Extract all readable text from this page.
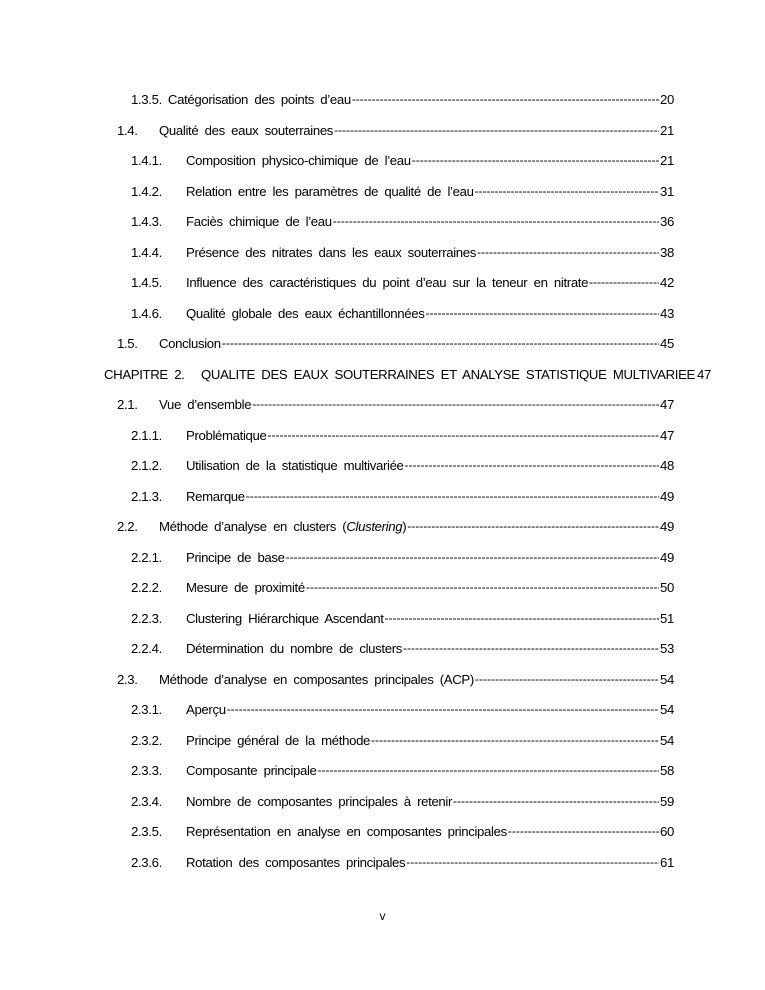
1.3.5. Catégorisation des points d’eau -----	20
1.4.	Qualité des eaux souterraines -----	21
1.4.1.	Composition physico-chimique de l’eau -----	21
1.4.2.	Relation entre les paramètres de qualité de l’eau -----	31
1.4.3.	Faciès chimique de l’eau -----	36
1.4.4.	Présence des nitrates dans les eaux souterraines -----	38
1.4.5.	Influence des caractéristiques du point d’eau sur la teneur en nitrate -----	42
1.4.6.	Qualité globale des eaux échantillonnées -----	43
1.5.	Conclusion -----	45
CHAPITRE 2.	QUALITE DES EAUX SOUTERRAINES ET ANALYSE STATISTIQUE MULTIVARIEE 47
2.1.	Vue d’ensemble -----	47
2.1.1.	Problématique -----	47
2.1.2.	Utilisation de la statistique multivariée -----	48
2.1.3.	Remarque -----	49
2.2.	Méthode d’analyse en clusters (Clustering) -----	49
2.2.1.	Principe de base -----	49
2.2.2.	Mesure de proximité -----	50
2.2.3.	Clustering Hiérarchique Ascendant -----	51
2.2.4.	Détermination du nombre de clusters -----	53
2.3.	Méthode d’analyse en composantes principales (ACP) -----	54
2.3.1.	Aperçu -----	54
2.3.2.	Principe général de la méthode -----	54
2.3.3.	Composante principale -----	58
2.3.4.	Nombre de composantes principales à retenir -----	59
2.3.5.	Représentation en analyse en composantes principales -----	60
2.3.6.	Rotation des composantes principales -----	61
v
